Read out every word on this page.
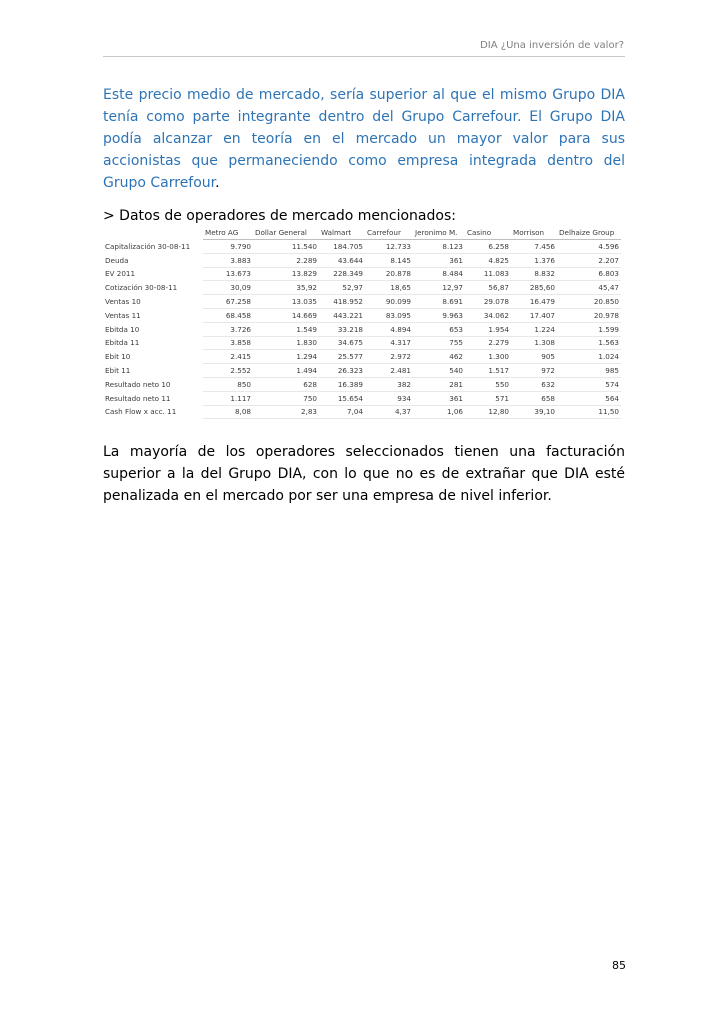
DIA ¿Una inversión de valor?

Este precio medio de mercado, sería superior al que el mismo Grupo DIA tenía como parte integrante dentro del Grupo Carrefour. El Grupo DIA podía alcanzar en teoría en el mercado un mayor valor para sus accionistas que permaneciendo como empresa integrada dentro del Grupo Carrefour.

> Datos de operadores de mercado mencionados:

	Metro AG	Dollar General	Walmart	Carrefour	Jeronimo M.	Casino	Morrison	Delhaize Group
Capitalización 30-08-11	9.790	11.540	184.705	12.733	8.123	6.258	7.456	4.596
Deuda	3.883	2.289	43.644	8.145	361	4.825	1.376	2.207
EV 2011	13.673	13.829	228.349	20.878	8.484	11.083	8.832	6.803
Cotización 30-08-11	30,09	35,92	52,97	18,65	12,97	56,87	285,60	45,47
Ventas 10	67.258	13.035	418.952	90.099	8.691	29.078	16.479	20.850
Ventas 11	68.458	14.669	443.221	83.095	9.963	34.062	17.407	20.978
Ebitda 10	3.726	1.549	33.218	4.894	653	1.954	1.224	1.599
Ebitda 11	3.858	1.830	34.675	4.317	755	2.279	1.308	1.563
Ebit 10	2.415	1.294	25.577	2.972	462	1.300	905	1.024
Ebit 11	2.552	1.494	26.323	2.481	540	1.517	972	985
Resultado neto 10	850	628	16.389	382	281	550	632	574
Resultado neto 11	1.117	750	15.654	934	361	571	658	564
Cash Flow x acc. 11	8,08	2,83	7,04	4,37	1,06	12,80	39,10	11,50

La mayoría de los operadores seleccionados tienen una facturación superior a la del Grupo DIA, con lo que no es de extrañar que DIA esté penalizada en el mercado por ser una empresa de nivel inferior.

85
